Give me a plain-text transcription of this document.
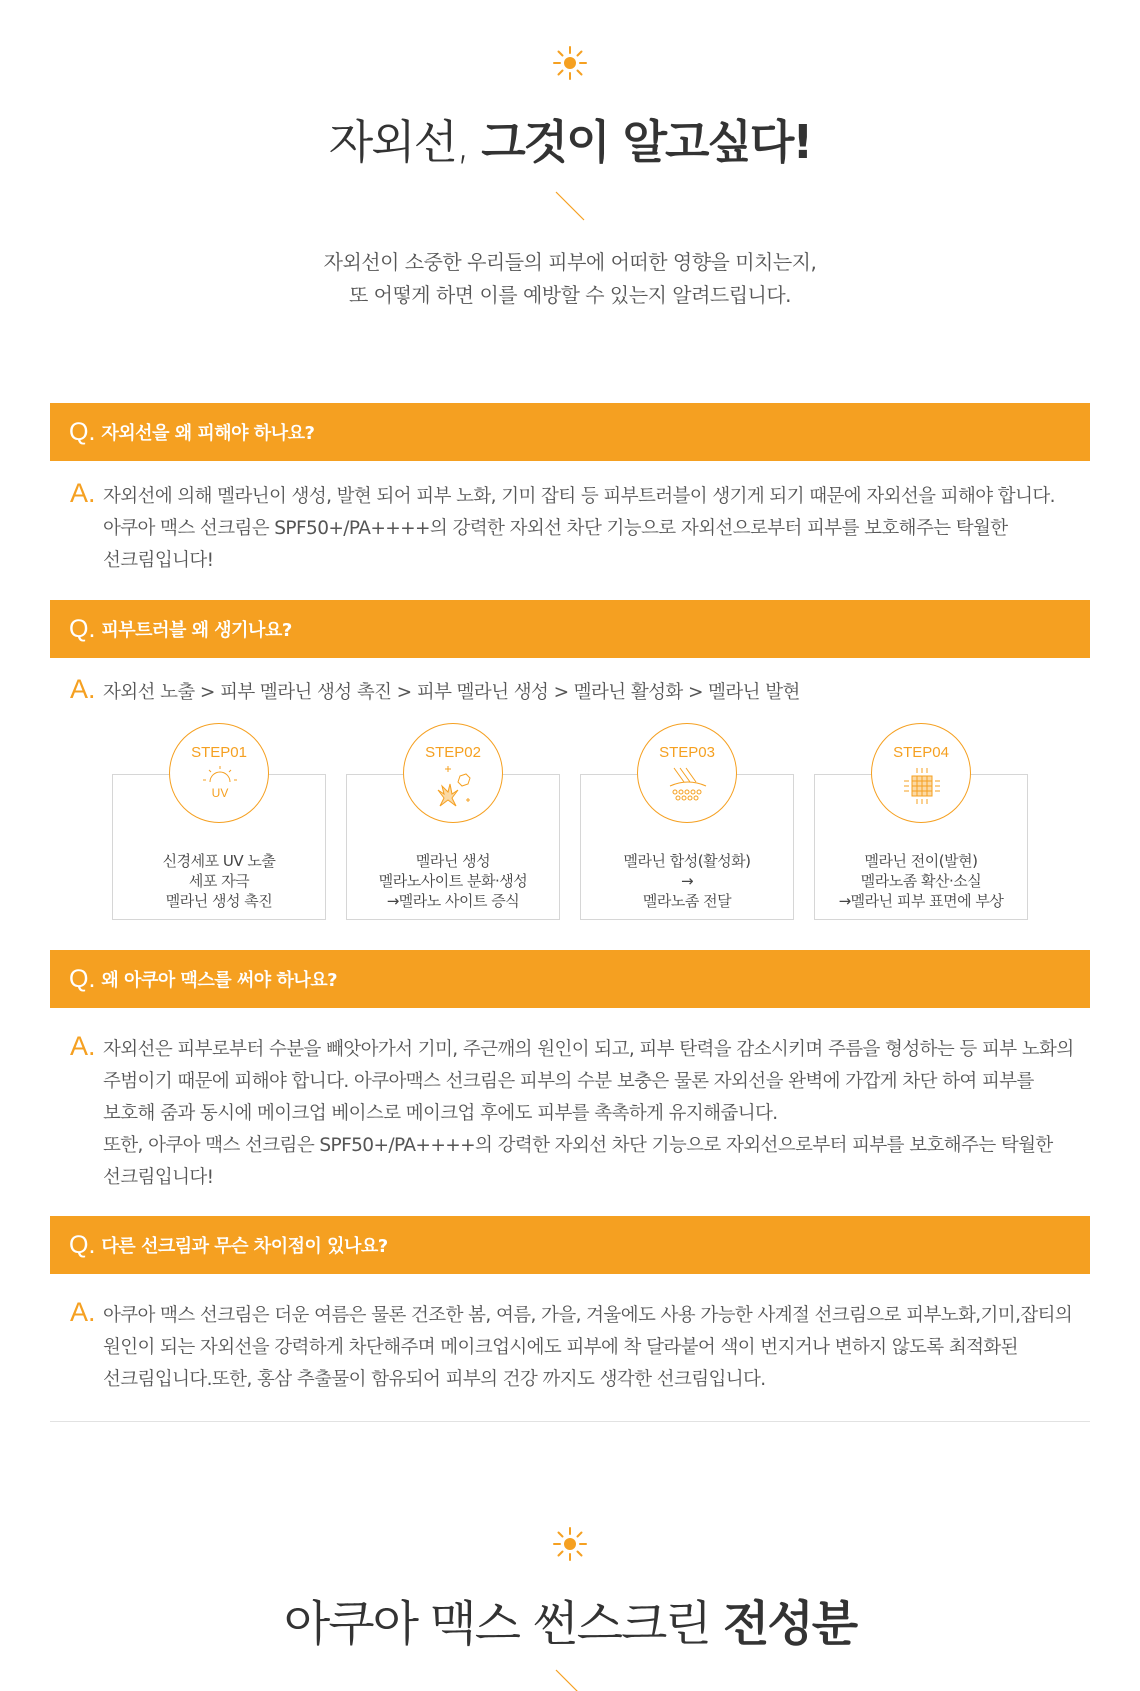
자외선, 그것이 알고싶다!

자외선이 소중한 우리들의 피부에 어떠한 영향을 미치는지,

또 어떻게 하면 이를 예방할 수 있는지 알려드립니다.

Q. 자외선을 왜 피해야 하나요?
A. 자외선에 의해 멜라닌이 생성, 발현 되어 피부 노화, 기미 잡티 등 피부트러블이 생기게 되기 때문에 자외선을 피해야 합니다.

아쿠아 맥스 선크림은 SPF50+/PA++++의 강력한 자외선 차단 기능으로 자외선으로부터 피부를 보호해주는 탁월한

선크림입니다!

Q. 피부트러블 왜 생기나요?
A. 자외선 노출 > 피부 멜라닌 생성 촉진 > 피부 멜라닌 생성 > 멜라닌 활성화 > 멜라닌 발현

신경세포 UV 노출

세포 자극

멜라닌 생성 촉진

멜라닌 생성

멜라노사이트 분화·생성

→멜라노 사이트 증식

멜라닌 합성(활성화)

→

멜라노좀 전달

멜라닌 전이(발현)

멜라노좀 확산·소실

→멜라닌 피부 표면에 부상

STEP01
UV
STEP02	STEP03	STEP04
Q. 왜 아쿠아 맥스를 써야 하나요?
A. 자외선은 피부로부터 수분을 빼앗아가서 기미, 주근깨의 원인이 되고, 피부 탄력을 감소시키며 주름을 형성하는 등 피부 노화의

주범이기 때문에 피해야 합니다. 아쿠아맥스 선크림은 피부의 수분 보충은 물론 자외선을 완벽에 가깝게 차단 하여 피부를

보호해 줌과 동시에 메이크업 베이스로 메이크업 후에도 피부를 촉촉하게 유지해줍니다.

또한, 아쿠아 맥스 선크림은 SPF50+/PA++++의 강력한 자외선 차단 기능으로 자외선으로부터 피부를 보호해주는 탁월한

선크림입니다!

Q. 다른 선크림과 무슨 차이점이 있나요?
A. 아쿠아 맥스 선크림은 더운 여름은 물론 건조한 봄, 여름, 가을, 겨울에도 사용 가능한 사계절 선크림으로 피부노화,기미,잡티의

원인이 되는 자외선을 강력하게 차단해주며 메이크업시에도 피부에 착 달라붙어 색이 번지거나 변하지 않도록 최적화된

선크림입니다.또한, 홍삼 추출물이 함유되어 피부의 건강 까지도 생각한 선크림입니다.

아쿠아 맥스 썬스크린 전성분
